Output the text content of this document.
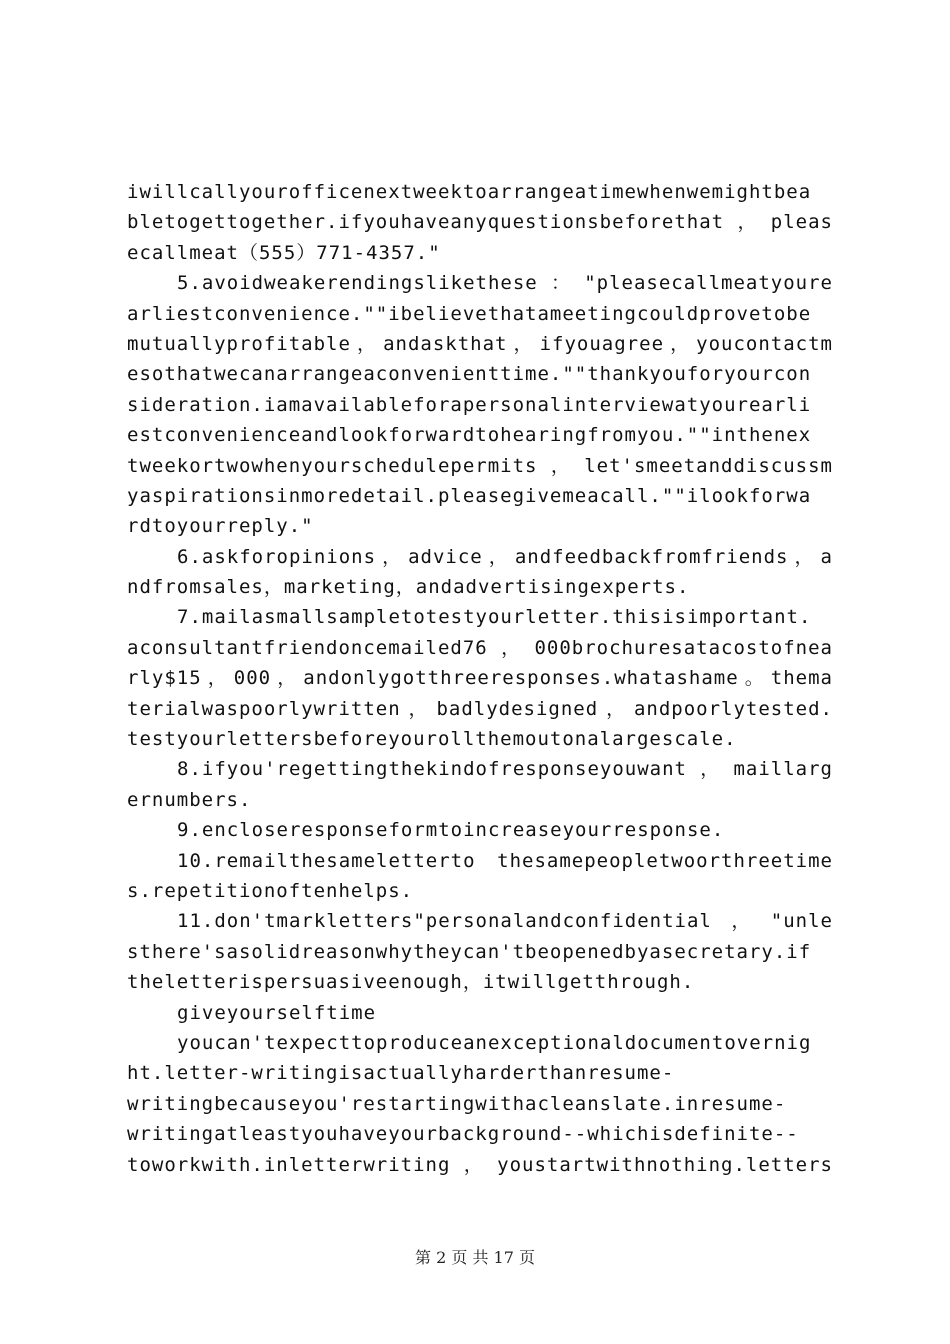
iwillcallyourofficenextweektoarrangeatimewhenwemightbea
bletogettogether.ifyouhaveanyquestionsbeforethat，pleas
ecallmeat（555）771-4357."
5.avoidweakerendingslikethese："pleasecallmeatyoure
arliestconvenience.""ibelievethatameetingcouldprovetobe
mutuallyprofitable，andaskthat，ifyouagree，youcontactm
esothatwecanarrangeaconvenienttime.""thankyouforyourcon
sideration.iamavailableforapersonalinterviewatyourearli
estconvenienceandlookforwardtohearingfromyou.""inthenex
tweekortwowhenyourschedulepermits，let'smeetanddiscussm
yaspirationsinmoredetail.pleasegivemeacall.""ilookforwa
rdtoyourreply."
6.askforopinions，advice，andfeedbackfromfriends，a
ndfromsales，marketing，andadvertisingexperts.
7.mailasmallsampletotestyourletter.thisisimportant.
aconsultantfriendoncemailed76，000brochuresatacostofnea
rly$15，000，andonlygotthreeresponses.whatashame。thema
terialwaspoorlywritten，badlydesigned，andpoorlytested.
testyourlettersbeforeyourollthemoutonalargescale.
8.ifyou'regettingthekindofresponseyouwant，maillarg
ernumbers.
9.encloseresponseformtoincreaseyourresponse.
10.remailthesameletterto thesamepeopletwoorthreetime
s.repetitionoftenhelps.
11.don'tmarkletters"personalandconfidential，"unle
sthere'sasolidreasonwhytheycan'tbeopenedbyasecretary.if
theletterispersuasiveenough，itwillgetthrough.
giveyourselftime
youcan'texpecttoproduceanexceptionaldocumentovernig
ht.letter-writingisactuallyharderthanresume-
writingbecauseyou'restartingwithacleanslate.inresume-
writingatleastyouhaveyourbackground--whichisdefinite--
toworkwith.inletterwriting，youstartwithnothing.letters
第 2 页 共 17 页
